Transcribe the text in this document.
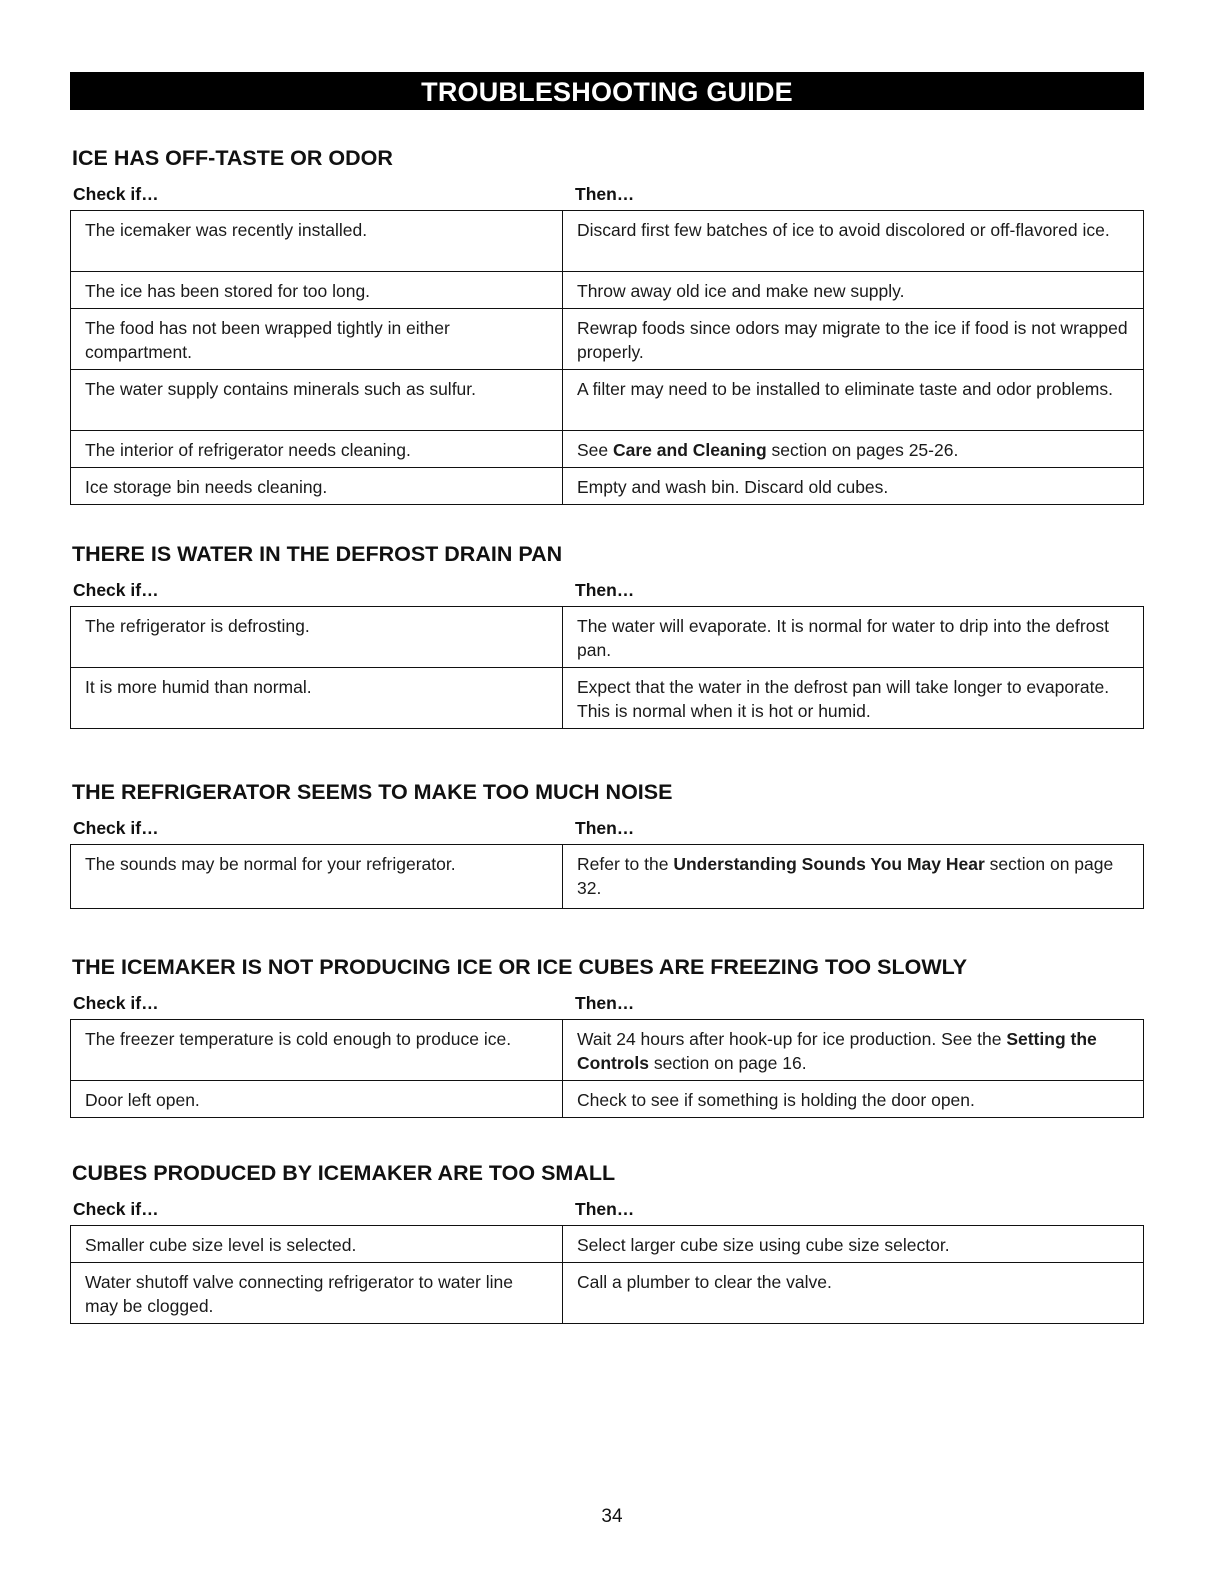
TROUBLESHOOTING GUIDE
ICE HAS OFF-TASTE OR ODOR
Check if…	Then…
The icemaker was recently installed.	Discard first few batches of ice to avoid discolored or off-flavored ice.
The ice has been stored for too long.	Throw away old ice and make new supply.
The food has not been wrapped tightly in either compartment.	Rewrap foods since odors may migrate to the ice if food is not wrapped properly.
The water supply contains minerals such as sulfur.	A filter may need to be installed to eliminate taste and odor problems.
The interior of refrigerator needs cleaning.	See Care and Cleaning section on pages 25-26.
Ice storage bin needs cleaning.	Empty and wash bin. Discard old cubes.
THERE IS WATER IN THE DEFROST DRAIN PAN
Check if…	Then…
The refrigerator is defrosting.	The water will evaporate. It is normal for water to drip into the defrost pan.
It is more humid than normal.	Expect that the water in the defrost pan will take longer to evaporate. This is normal when it is hot or humid.
THE REFRIGERATOR SEEMS TO MAKE TOO MUCH NOISE
Check if…	Then…
The sounds may be normal for your refrigerator.	Refer to the Understanding Sounds You May Hear section on page 32.
THE ICEMAKER IS NOT PRODUCING ICE OR ICE CUBES ARE FREEZING TOO SLOWLY
Check if…	Then…
The freezer temperature is cold enough to produce ice.	Wait 24 hours after hook-up for ice production. See the Setting the Controls section on page 16.
Door left open.	Check to see if something is holding the door open.
CUBES PRODUCED BY ICEMAKER ARE TOO SMALL
Check if…	Then…
Smaller cube size level is selected.	Select larger cube size using cube size selector.
Water shutoff valve connecting refrigerator to water line may be clogged.	Call a plumber to clear the valve.
34
